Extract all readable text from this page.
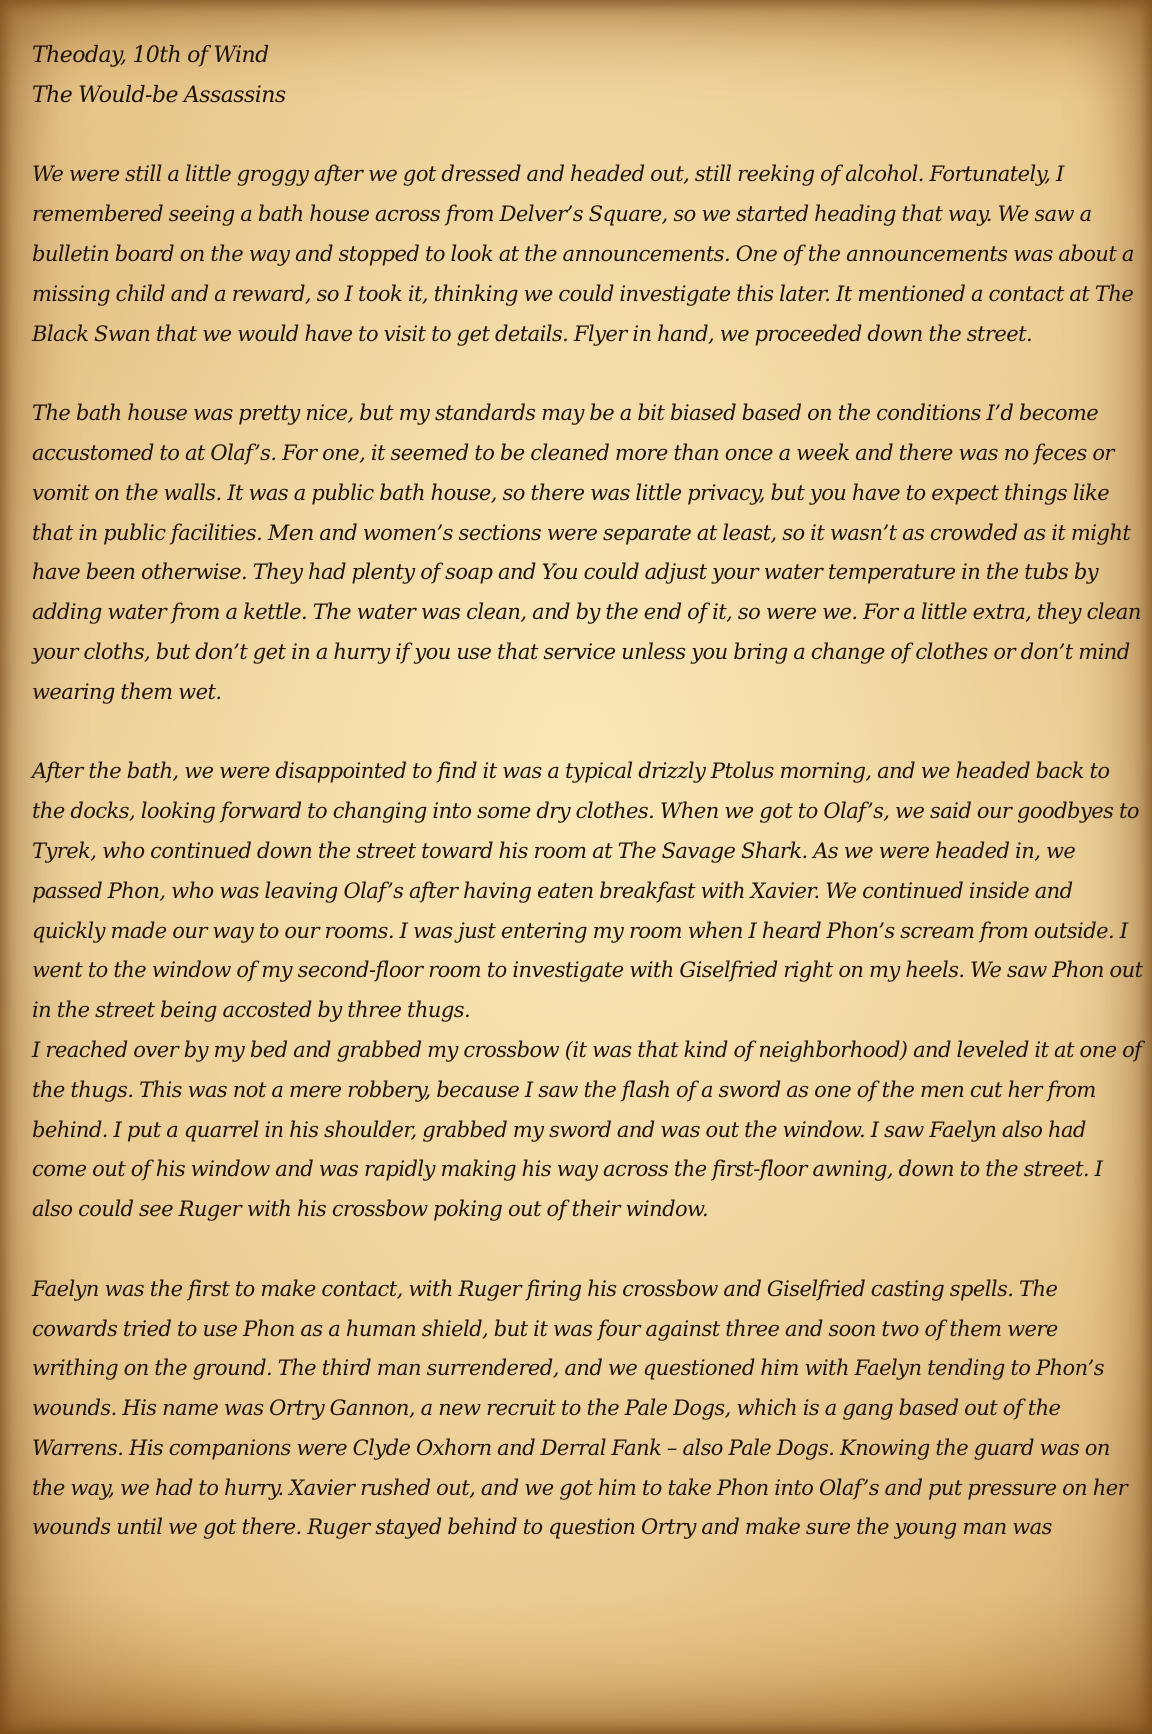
Theoday, 10th of Wind
The Would-be Assassins

We were still a little groggy after we got dressed and headed out, still reeking of alcohol. Fortunately, I remembered seeing a bath house across from Delver’s Square, so we started heading that way. We saw a bulletin board on the way and stopped to look at the announcements. One of the announcements was about a missing child and a reward, so I took it, thinking we could investigate this later. It mentioned a contact at The Black Swan that we would have to visit to get details. Flyer in hand, we proceeded down the street.

The bath house was pretty nice, but my standards may be a bit biased based on the conditions I’d become accustomed to at Olaf’s. For one, it seemed to be cleaned more than once a week and there was no feces or vomit on the walls. It was a public bath house, so there was little privacy, but you have to expect things like that in public facilities. Men and women’s sections were separate at least, so it wasn’t as crowded as it might have been otherwise. They had plenty of soap and You could adjust your water temperature in the tubs by adding water from a kettle. The water was clean, and by the end of it, so were we. For a little extra, they clean your cloths, but don’t get in a hurry if you use that service unless you bring a change of clothes or don’t mind wearing them wet.

After the bath, we were disappointed to find it was a typical drizzly Ptolus morning, and we headed back to the docks, looking forward to changing into some dry clothes. When we got to Olaf’s, we said our goodbyes to Tyrek, who continued down the street toward his room at The Savage Shark. As we were headed in, we passed Phon, who was leaving Olaf’s after having eaten breakfast with Xavier. We continued inside and quickly made our way to our rooms. I was just entering my room when I heard Phon’s scream from outside. I went to the window of my second-floor room to investigate with Giselfried right on my heels. We saw Phon out in the street being accosted by three thugs.

I reached over by my bed and grabbed my crossbow (it was that kind of neighborhood) and leveled it at one of the thugs. This was not a mere robbery, because I saw the flash of a sword as one of the men cut her from behind. I put a quarrel in his shoulder, grabbed my sword and was out the window. I saw Faelyn also had come out of his window and was rapidly making his way across the first-floor awning, down to the street. I also could see Ruger with his crossbow poking out of their window.

Faelyn was the first to make contact, with Ruger firing his crossbow and Giselfried casting spells. The cowards tried to use Phon as a human shield, but it was four against three and soon two of them were writhing on the ground. The third man surrendered, and we questioned him with Faelyn tending to Phon’s wounds. His name was Ortry Gannon, a new recruit to the Pale Dogs, which is a gang based out of the Warrens. His companions were Clyde Oxhorn and Derral Fank – also Pale Dogs. Knowing the guard was on the way, we had to hurry. Xavier rushed out, and we got him to take Phon into Olaf’s and put pressure on her wounds until we got there. Ruger stayed behind to question Ortry and make sure the young man was
